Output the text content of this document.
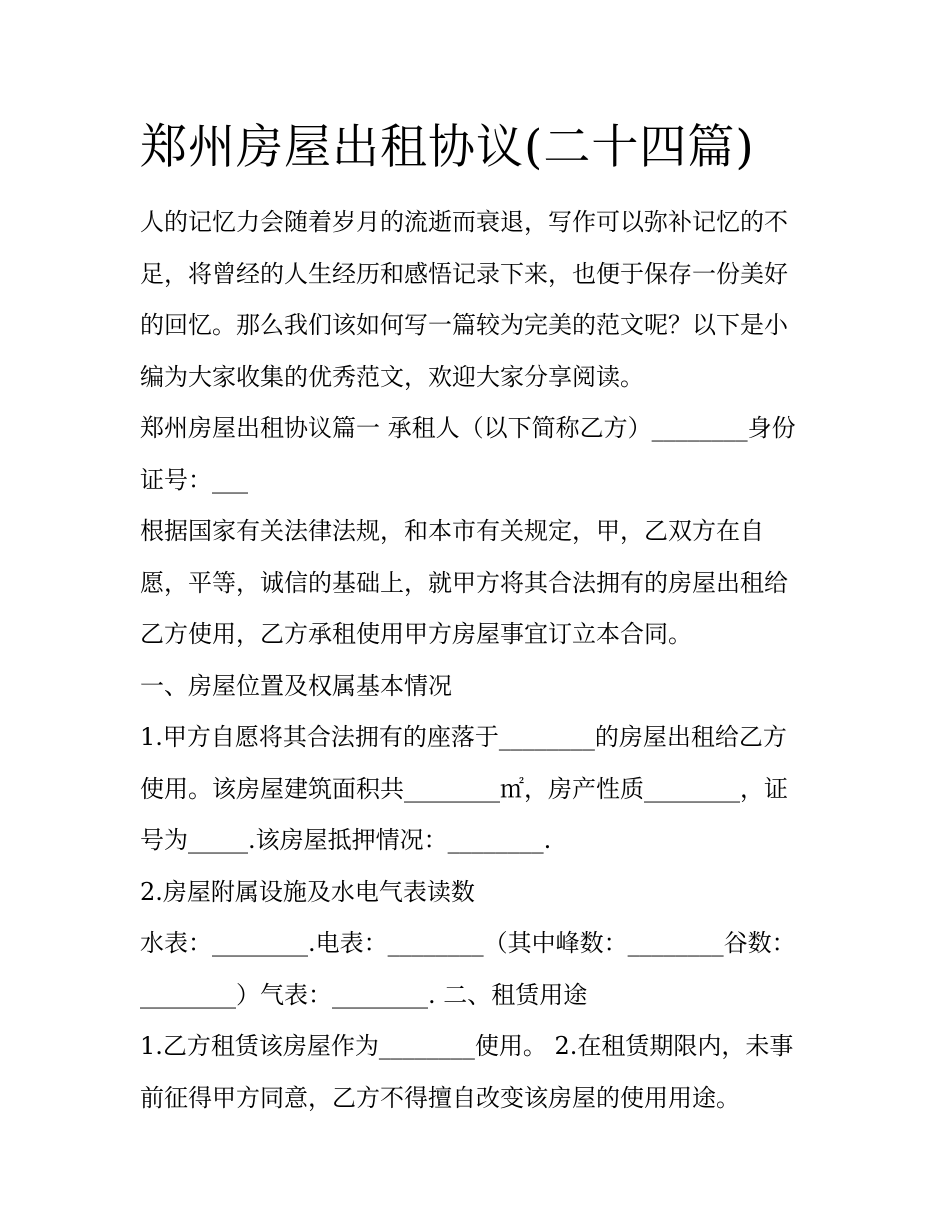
郑州房屋出租协议(二十四篇)
人的记忆力会随着岁月的流逝而衰退，写作可以弥补记忆的不
足，将曾经的人生经历和感悟记录下来，也便于保存一份美好
的回忆。那么我们该如何写一篇较为完美的范文呢？以下是小
编为大家收集的优秀范文，欢迎大家分享阅读。
郑州房屋出租协议篇一 承租人（以下简称乙方）________身份
证号：___
根据国家有关法律法规，和本市有关规定，甲，乙双方在自
愿，平等，诚信的基础上，就甲方将其合法拥有的房屋出租给
乙方使用，乙方承租使用甲方房屋事宜订立本合同。
一、房屋位置及权属基本情况
1.甲方自愿将其合法拥有的座落于________的房屋出租给乙方
使用。该房屋建筑面积共________㎡，房产性质________，证
号为_____.该房屋抵押情况：________.
2.房屋附属设施及水电气表读数
水表：________.电表：________（其中峰数：________谷数：
________）气表：________. 二、租赁用途
1.乙方租赁该房屋作为________使用。 2.在租赁期限内，未事
前征得甲方同意，乙方不得擅自改变该房屋的使用用途。
